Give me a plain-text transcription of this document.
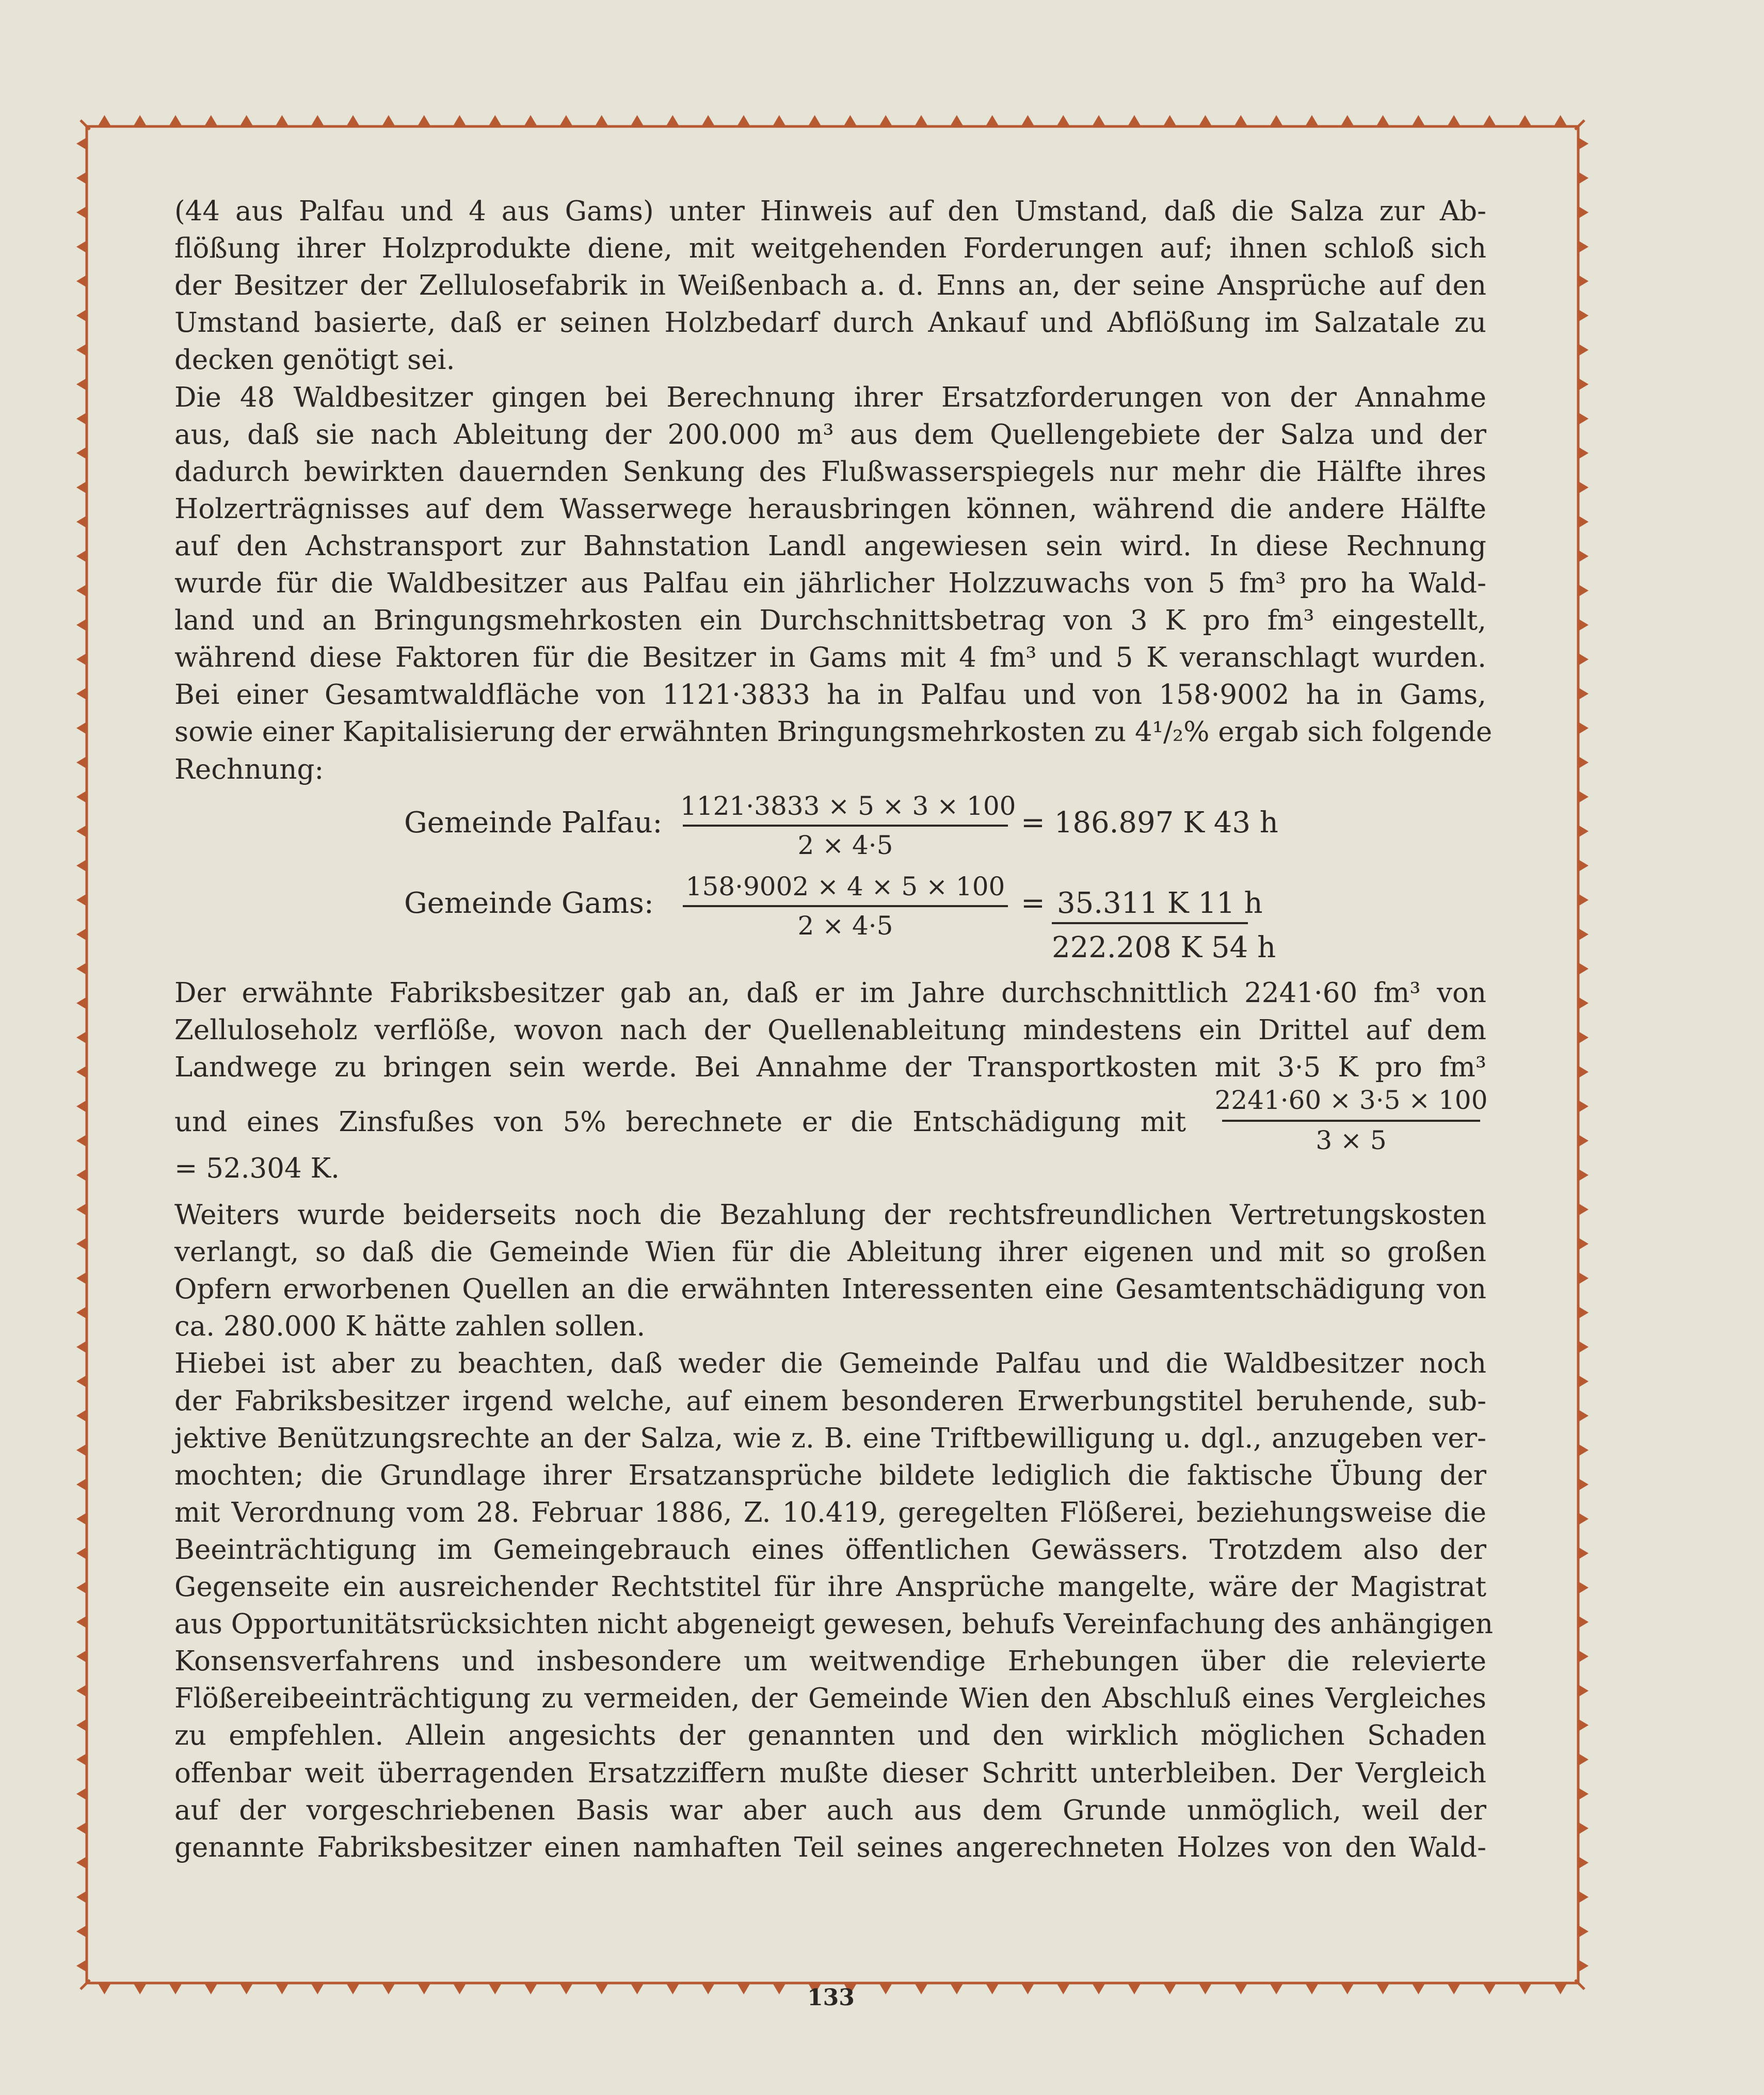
(44 aus Palfau und 4 aus Gams) unter Hinweis auf den Umstand, daß die Salza zur Ab-
flößung ihrer Holzprodukte diene, mit weitgehenden Forderungen auf; ihnen schloß sich
der Besitzer der Zellulosefabrik in Weißenbach a. d. Enns an, der seine Ansprüche auf den
Umstand basierte, daß er seinen Holzbedarf durch Ankauf und Abflößung im Salzatale zu
decken genötigt sei.
Die 48 Waldbesitzer gingen bei Berechnung ihrer Ersatzforderungen von der Annahme
aus, daß sie nach Ableitung der 200.000 m³ aus dem Quellengebiete der Salza und der
dadurch bewirkten dauernden Senkung des Flußwasserspiegels nur mehr die Hälfte ihres
Holzerträgnisses auf dem Wasserwege herausbringen können, während die andere Hälfte
auf den Achstransport zur Bahnstation Landl angewiesen sein wird. In diese Rechnung
wurde für die Waldbesitzer aus Palfau ein jährlicher Holzzuwachs von 5 fm³ pro ha Wald-
land und an Bringungsmehrkosten ein Durchschnittsbetrag von 3 K pro fm³ eingestellt,
während diese Faktoren für die Besitzer in Gams mit 4 fm³ und 5 K veranschlagt wurden.
Bei einer Gesamtwaldfläche von 1121·3833 ha in Palfau und von 158·9002 ha in Gams,
sowie einer Kapitalisierung der erwähnten Bringungsmehrkosten zu 4¹/₂% ergab sich folgende
Rechnung:
Gemeinde Palfau: 1121·3833 × 5 × 3 × 100
2 × 4·5
= 186.897 K 43 h
Gemeinde Gams: 158·9002 × 4 × 5 × 100
2 × 4·5
= 35.311 K 11 h
222.208 K 54 h
Der erwähnte Fabriksbesitzer gab an, daß er im Jahre durchschnittlich 2241·60 fm³ von
Zelluloseholz verflöße, wovon nach der Quellenableitung mindestens ein Drittel auf dem
Landwege zu bringen sein werde. Bei Annahme der Transportkosten mit 3·5 K pro fm³
und eines Zinsfußes von 5% berechnete er die Entschädigung mit
2241·60 × 3·5 × 100
3 × 5
= 52.304 K.
Weiters wurde beiderseits noch die Bezahlung der rechtsfreundlichen Vertretungskosten
verlangt, so daß die Gemeinde Wien für die Ableitung ihrer eigenen und mit so großen
Opfern erworbenen Quellen an die erwähnten Interessenten eine Gesamtentschädigung von
ca. 280.000 K hätte zahlen sollen.
Hiebei ist aber zu beachten, daß weder die Gemeinde Palfau und die Waldbesitzer noch
der Fabriksbesitzer irgend welche, auf einem besonderen Erwerbungstitel beruhende, sub-
jektive Benützungsrechte an der Salza, wie z. B. eine Triftbewilligung u. dgl., anzugeben ver-
mochten; die Grundlage ihrer Ersatzansprüche bildete lediglich die faktische Übung der
mit Verordnung vom 28. Februar 1886, Z. 10.419, geregelten Flößerei, beziehungsweise die
Beeinträchtigung im Gemeingebrauch eines öffentlichen Gewässers. Trotzdem also der
Gegenseite ein ausreichender Rechtstitel für ihre Ansprüche mangelte, wäre der Magistrat
aus Opportunitätsrücksichten nicht abgeneigt gewesen, behufs Vereinfachung des anhängigen
Konsensverfahrens und insbesondere um weitwendige Erhebungen über die relevierte
Flößereibeeinträchtigung zu vermeiden, der Gemeinde Wien den Abschluß eines Vergleiches
zu empfehlen. Allein angesichts der genannten und den wirklich möglichen Schaden
offenbar weit überragenden Ersatzziffern mußte dieser Schritt unterbleiben. Der Vergleich
auf der vorgeschriebenen Basis war aber auch aus dem Grunde unmöglich, weil der
genannte Fabriksbesitzer einen namhaften Teil seines angerechneten Holzes von den Wald-
133
